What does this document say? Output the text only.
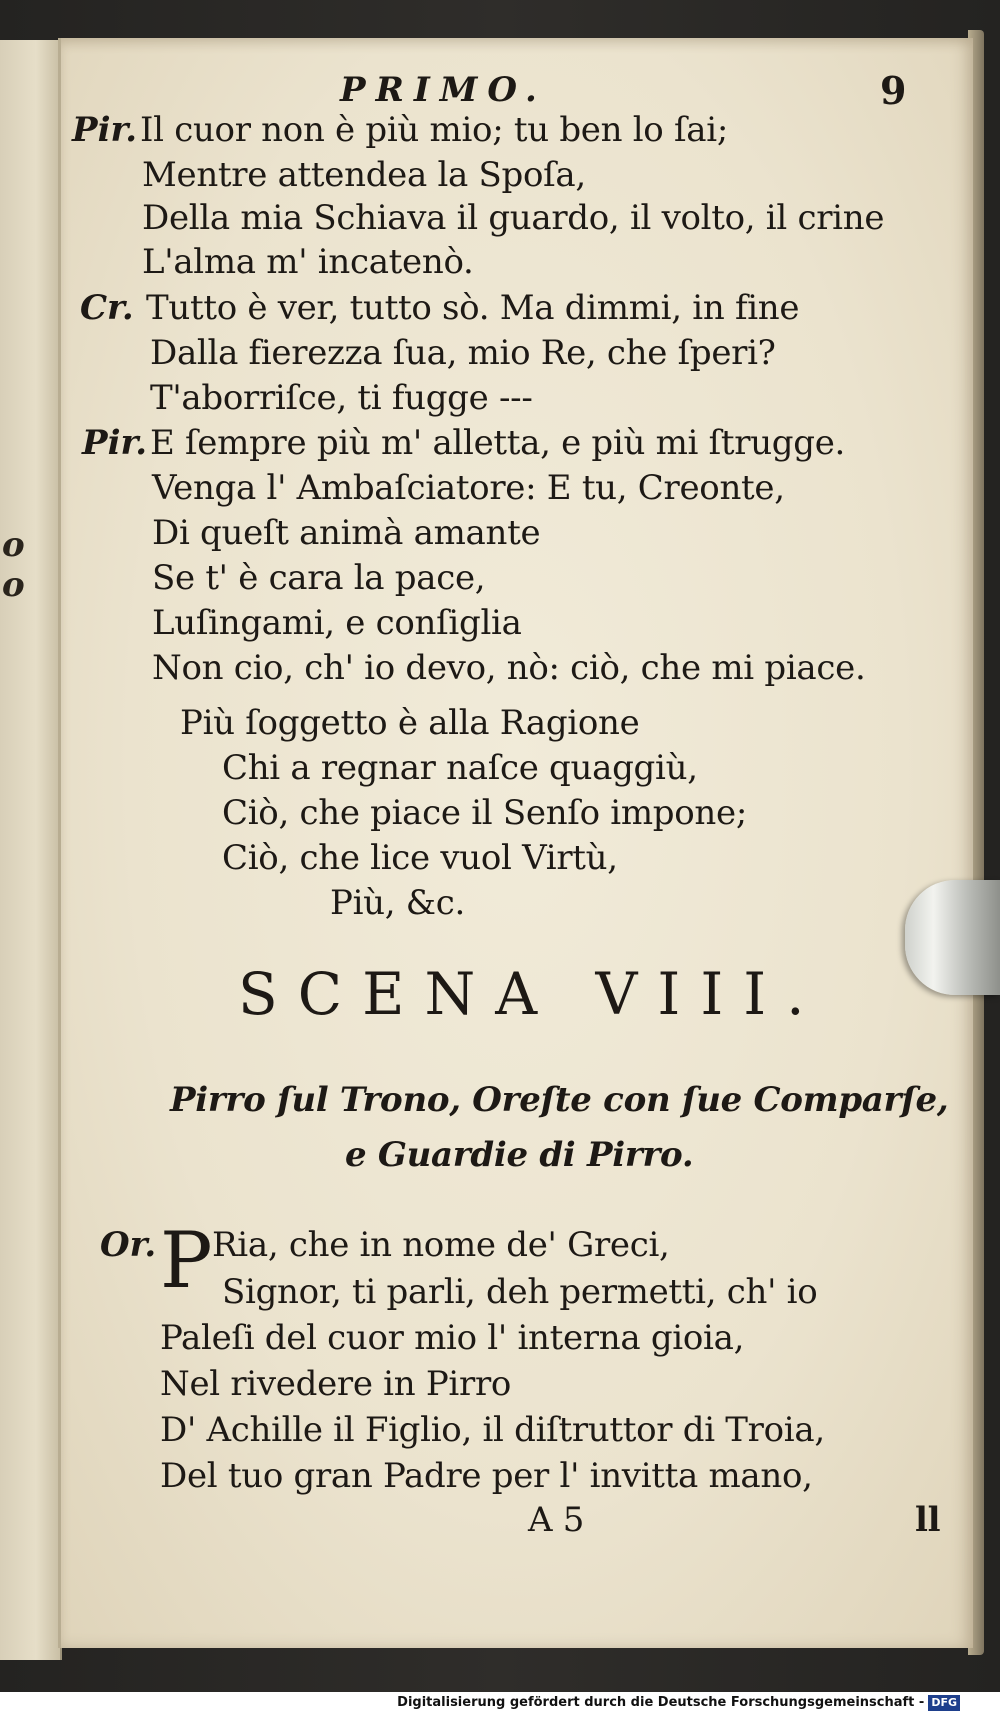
o
o
PRIMO.	9
Pir. Il cuor non è più mio; tu ben lo ſai;
Mentre attendea la Spoſa,
Della mia Schiava il guardo, il volto, il crine
L'alma m' incatenò.
Cr. Tutto è ver, tutto sò. Ma dimmi, in fine
Dalla fierezza ſua, mio Re, che ſperi?
T'aborriſce, ti fugge ---
Pir. E ſempre più m' alletta, e più mi ſtrugge.
Venga l' Ambaſciatore: E tu, Creonte,
Di queſt animà amante
Se t' è cara la pace,
Luſingami, e conſiglia
Non cio, ch' io devo, nò: ciò, che mi piace.
Più ſoggetto è alla Ragione
Chi a regnar naſce quaggiù,
Ciò, che piace il Senſo impone;
Ciò, che lice vuol Virtù,
Più, &c.
SCENA VIII.
Pirro ſul Trono, Oreſte con ſue Comparſe,
e Guardie di Pirro.
Or. P Ria, che in nome de' Greci,
Signor, ti parli, deh permetti, ch' io
Paleſi del cuor mio l' interna gioia,
Nel rivedere in Pirro
D' Achille il Figlio, il diſtruttor di Troia,
Del tuo gran Padre per l' invitta mano,
A 5	ll
Digitalisierung gefördert durch die Deutsche Forschungsgemeinschaft - DFG
